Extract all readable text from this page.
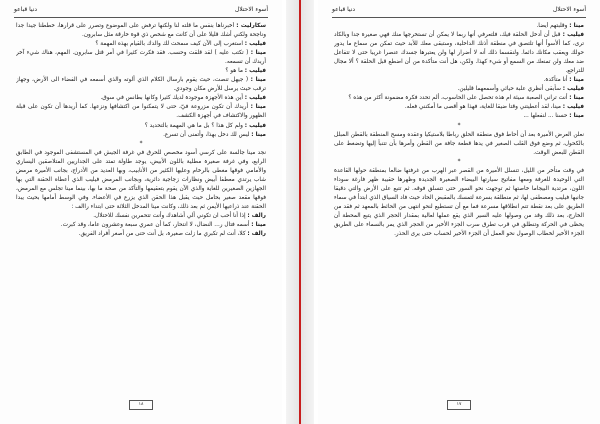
أسوء الاحتلال
دنيا قباعو

سكارليت : أخبرناها بنفس ما قلته لنا ولكنها ترفض على الموضوع وتصرر على قرارها، خططنا جيدا جدا وناجحة ولكني أشك قليلا على أن كانت مع شخص ذي قوة خارقة مثل سابرون.

فيليب : استغرب إلى الآن كيف سمحت لك والدك بالقيام بهذه المهمة ؟

مينا : ( تكتب عليه ) لقد قلقت وحسب. فقد فكرت كثيرا في أمر قتل سابرون. المهم، هناك شيء آخر أريدك أن تسمعه.

فيليب : ما هو ؟

مينا : ( جيهل تنصت، حيث يقوم بارسال الكلام الذي ألوته والذي أسمعه في الفضاء الى الأرض، وجهاز ترقب حيث يرسل للأرض مكان وجودي.

فيليب : أين هذه الأجهزة موجودة لديك كثيرا وكانها بطانس في سوق.

مينا : أريدك أن تكون مزروعة فيّ، حتى لا يتمكنوا من اكتشافها ونزعها. كما أريدها أن تكون على قبلة الظهور والاكتشاف في أجهزة الكشف.

فيليب : ولم كل هذا ؟ بل ما هي المهمة بالتحديد ؟

مينا : ليس لك دخل بهذا، وأتمنى أن تسرع.

*

نجد مينا جالسة على كرسي أسود مخصص للحرق في غرفة الجيش في المستشفى الموجود في الطابق الرابع، وفي غرفة صغيرة مطلية باللون الأبيض، يوجد طاولة تمتد على الجداريين المتلاصقين اليساري والأمامي فوقها مغطى بالرخام وعليها الكثير من الأنابيب، وبها العديد من الأدراج، بجانب الأميرة مرمض شاب يرتدي معطفا أبيض ونظارات زجاجية دائرية، وبجانب المرمض فيليب الذي أعطاه الحقنة التي بها الجهازين الصغيرين للغاية والذي الآن يقوم بتعقيمها والتأكد من صحة ما بها، بينما مينا تجلس مع المرمض، فوقها مقعد صغير بحامل حيث يقبل هذا الحقن الذي يزرع في الأعضاء. وفي الوسط أمامها بحيث يبدا الحقنة عند ذراعيها الأيمن ثم بعد ذلك، وكانت مينا المدخل الثلاثة حتى ابتداء راالف :

رالف : إذا أنا أحب ان تكوني ألي أشاهدك وأنت تتحمرين نفسك للاحتلال.

مينا : أسمه فتال ر... النضال، لا انتحار، كما أن عمري سبعة وعشرون عاما، وقد كبرت.

رالف : كلا، أنت لم تكبري ما زلت صغيرة، بل أنت حتى من أصغر أفراد الفريق.

١٨
أسوء الاحتلال
دنيا قباعو

مينا : وقلبتهم أيضا.

فيليب : قبل أن أدخل الحلقة فيك، فلتعرفي أنها ربما لا يمكن أن تستخرجها منك فهي صغيرة جدا وبالكاد ترى، كما ألأسوأ أنها تلتصق في منطقة أذنك الداخلية، وستبقى معك للأبد حيث تمكن من سماع ما يدور حولك ويعقب مكانك دائما. ولنقسما ذلك أنه لا أضرار لها ولن يعتبرها جسدك عنصرا غريبا حتى لا تتفاعل ضد معك ولن تمنعك من السمع أو شيء كهذا. ولكن، هل أنت متأكدة من أن اضطع قبل الحلقة ؟ ألا مجال للتراجع.

مينا : أنا متأكدة.

فيليب : سأبقى أنظري علبة حيائي وأسمعهما قليلين.

مينا : أنت تراني الصعبة سيئة ام هذه تحصل على الحاسوب، ألم تحدد فكرة مضمونة أكثر من هذه ؟

فيليب : مينا، لقد أعطيتني وقتا ضيقا للغاية، فهذا هو أقصى ما أمكنني فعله.

مينا : حسنا ... لنفعلها ...

*

نعلن العرض الأميرة بعد أن أحاط فوق منطقة الحلق رباطا بلاستيكيا وعقده ومسح المنطقة بالقطن المبلل بالكحول، ثم وضع فوق القلب الصغير في يدها قطعة جافة من القطن وأمرها بأن تتنبأ إليها وتضغط على القطن للبعض الوقت.

*

في وقت متأخر من الليل، تتسلل الأميرة من القصر عبر الهرب من غرفتها ضالعا بمنطقة حولها القاعدة التي الوحيدة للغرفة ومعها مفاتيح سيارتها البيضاء الصغيرة الجديدة وظهرها حقيبة ظهر فارغة سوداء اللون، مرتدية البيجاما خاصتها ثم توجهت نحو السور حتى تتسلق فوقه. ثم تتبع على الأرض والتي دقيقا جانبها فيليب ومصطفى لها، ثم منطلقة بسرعة لتمسك بالمقبض الحاد حيث فاد السياق الذي ابتدأ في سماء الطريق على بعد نقطة تتم انطلاقها مسرعة فما مع أن تستطيع لنحو انتهى من الحائط بالمعهد ثم فقد من الخارج، بعد ذلك وقد من وصولها عليه السير الذي يقع عملها لعالية بمقدار الحجر الذي يتبع المحطة أن يحظى في الحركة وتنطلق في قرب تطرق سرب الجزء الأخير من الحجر الذي يمر بالسماء على الطريق الجزء الأخير لخطاب الوصول نحو العمل أن الجزء الأخير لحساب حتى يرى الحذر.

١٧
